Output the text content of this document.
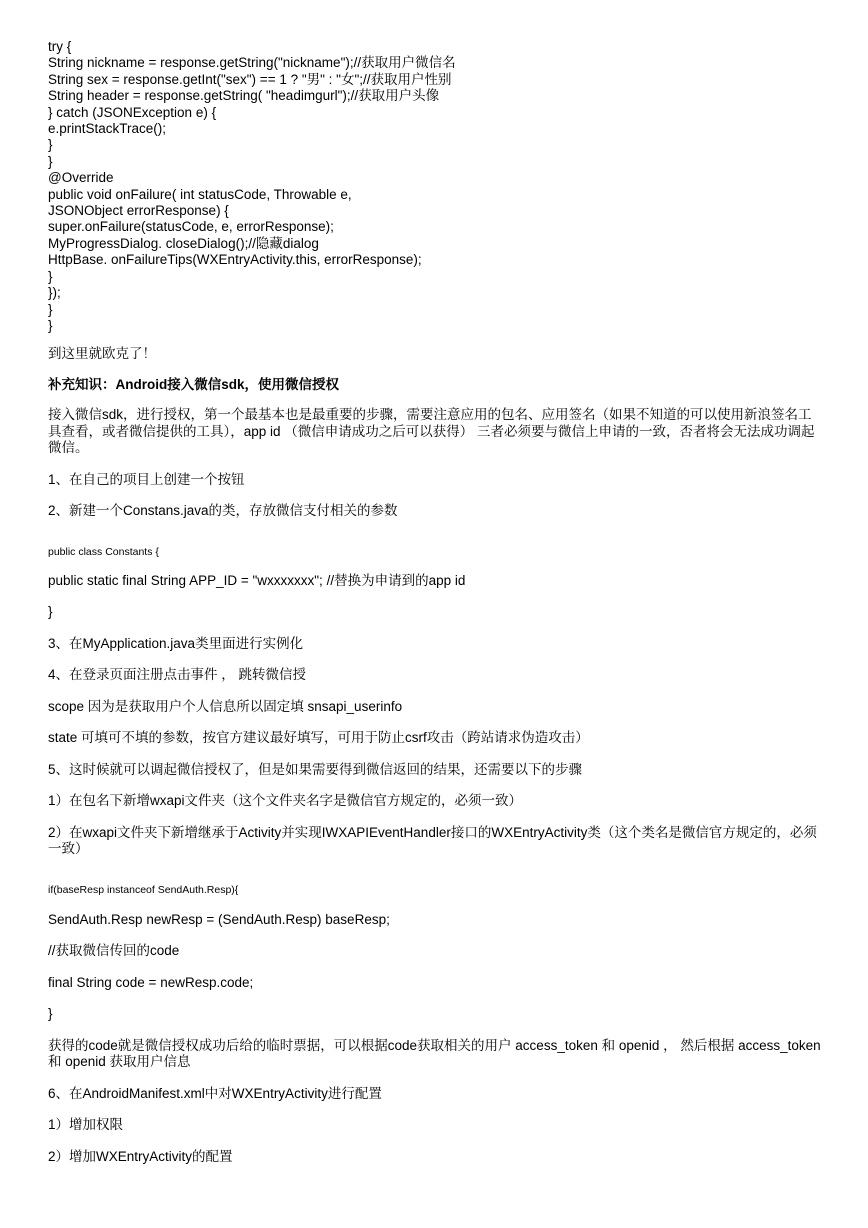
try {
String nickname = response.getString("nickname");//获取用户微信名
String sex = response.getInt("sex") == 1 ? "男" : "女";//获取用户性别
String header = response.getString( "headimgurl");//获取用户头像
} catch (JSONException e) {
e.printStackTrace();
}
}
@Override
public void onFailure( int statusCode, Throwable e,
JSONObject errorResponse) {
super.onFailure(statusCode, e, errorResponse);
MyProgressDialog. closeDialog();//隐藏dialog
HttpBase. onFailureTips(WXEntryActivity.this, errorResponse);
}
});
}
}

到这里就欧克了！

补充知识：Android接入微信sdk，使用微信授权

接入微信sdk，进行授权，第一个最基本也是最重要的步骤，需要注意应用的包名、应用签名（如果不知道的可以使用新浪签名工具查看，或者微信提供的工具），app id （微信申请成功之后可以获得） 三者必须要与微信上申请的一致，否者将会无法成功调起微信。

1、在自己的项目上创建一个按钮

2、新建一个Constans.java的类，存放微信支付相关的参数

public class Constants {

public static final String APP_ID = "wxxxxxxx"; //替换为申请到的app id

}

3、在MyApplication.java类里面进行实例化

4、在登录页面注册点击事件 ， 跳转微信授

scope 因为是获取用户个人信息所以固定填 snsapi_userinfo

state 可填可不填的参数，按官方建议最好填写，可用于防止csrf攻击（跨站请求伪造攻击）

5、这时候就可以调起微信授权了，但是如果需要得到微信返回的结果，还需要以下的步骤

1）在包名下新增wxapi文件夹（这个文件夹名字是微信官方规定的，必须一致）

2）在wxapi文件夹下新增继承于Activity并实现IWXAPIEventHandler接口的WXEntryActivity类（这个类名是微信官方规定的，必须一致）

if(baseResp instanceof SendAuth.Resp){

SendAuth.Resp newResp = (SendAuth.Resp) baseResp;

//获取微信传回的code

final String code = newResp.code;

}

获得的code就是微信授权成功后给的临时票据，可以根据code获取相关的用户 access_token 和 openid ， 然后根据 access_token 和 openid 获取用户信息

6、在AndroidManifest.xml中对WXEntryActivity进行配置

1）增加权限

2）增加WXEntryActivity的配置
